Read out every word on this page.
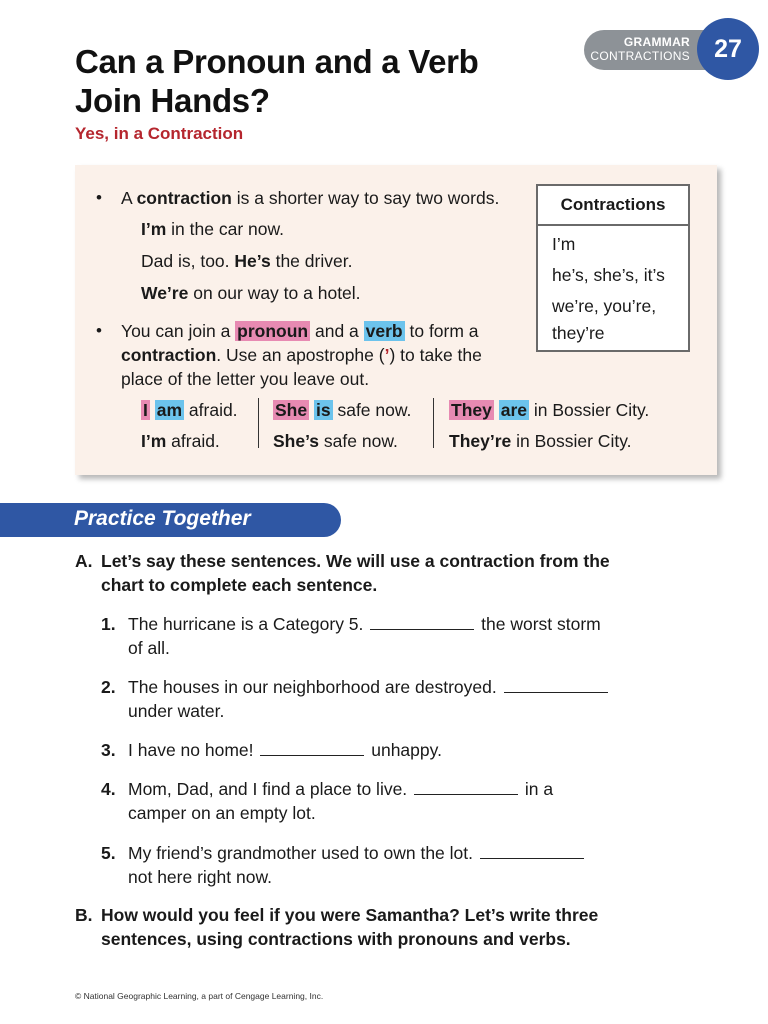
Can a Pronoun and a Verb
Join Hands?
Yes, in a Contraction
GRAMMAR
CONTRACTIONS 27
• A contraction is a shorter way to say two words.
I’m in the car now.
Dad is, too. He’s the driver.
We’re on our way to a hotel.
• You can join a pronoun and a verb to form a
contraction. Use an apostrophe (’) to take the
place of the letter you leave out.
I am afraid.
I’m afraid.
She is safe now.
She’s safe now.
They are in Bossier City.
They’re in Bossier City.
Contractions
I’m
he’s, she’s, it’s
we’re, you’re,
they’re
Practice Together
A. Let’s say these sentences. We will use a contraction from the
chart to complete each sentence.
1. The hurricane is a Category 5.	the worst storm
of all.
2. The houses in our neighborhood are destroyed.
under water.
3. I have no home!	unhappy.
4. Mom, Dad, and I find a place to live.	in a
camper on an empty lot.
5. My friend’s grandmother used to own the lot.
not here right now.
B. How would you feel if you were Samantha? Let’s write three
sentences, using contractions with pronouns and verbs.
© National Geographic Learning, a part of Cengage Learning, Inc.
